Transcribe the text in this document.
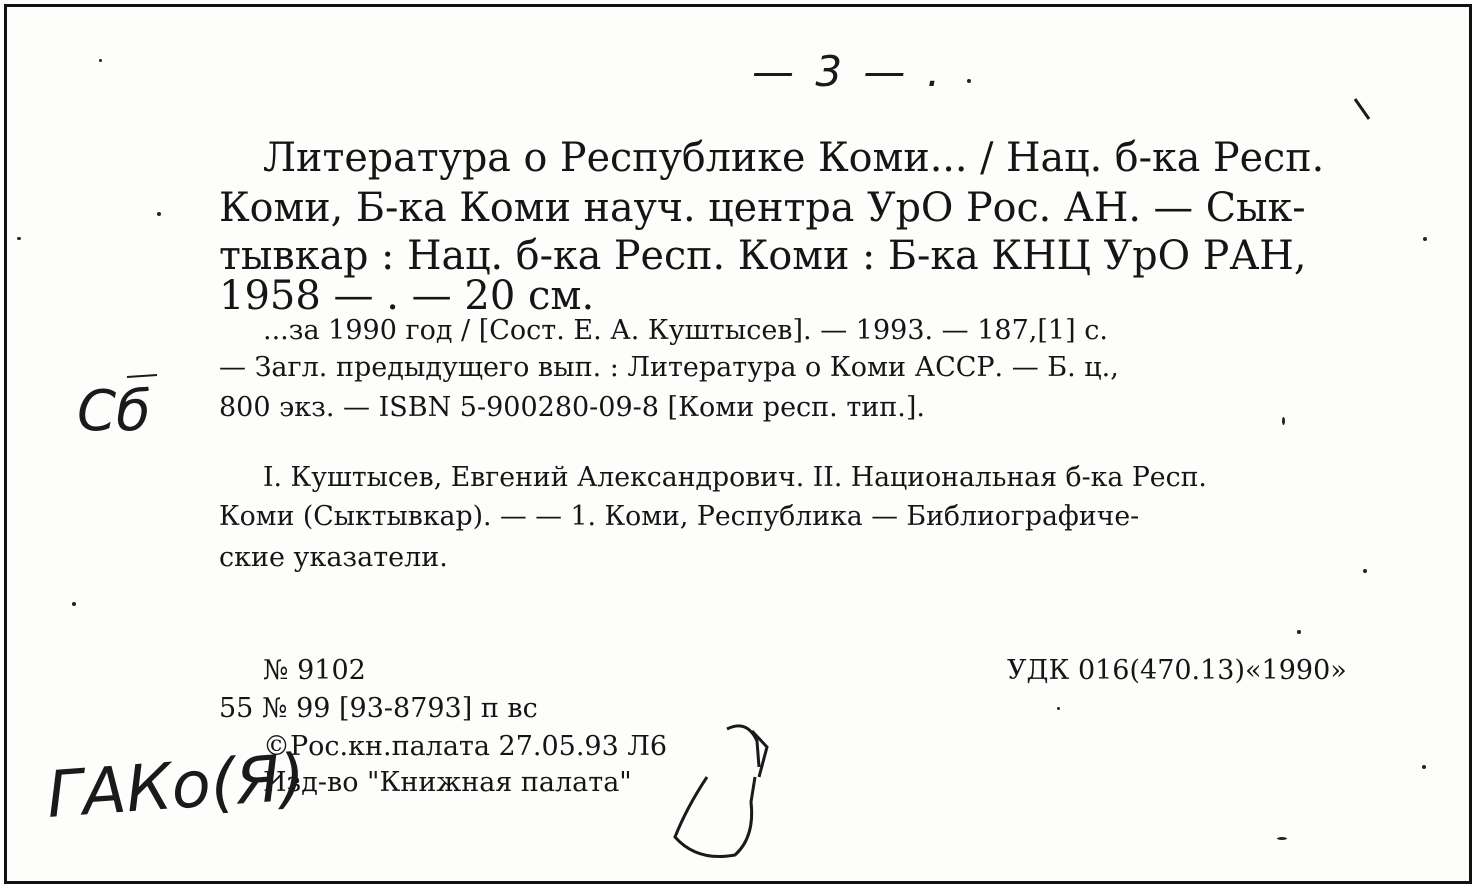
— 3 — .
Литература о Республике Коми... / Нац. б-ка Респ.
Коми, Б-ка Коми науч. центра УрО Рос. АН. — Сык-
тывкар : Нац. б-ка Респ. Коми : Б-ка КНЦ УрО РАН,
1958 — . — 20 см.
...за 1990 год / [Сост. Е. А. Куштысев]. — 1993. — 187,[1] с.
— Загл. предыдущего вып. : Литература о Коми АССР. — Б. ц.,
800 экз. — ISBN 5-900280-09-8 [Коми респ. тип.].
I. Куштысев, Евгений Александрович. II. Национальная б-ка Респ.
Коми (Сыктывкар). — — 1. Коми, Республика — Библиографиче-
ские указатели.
№ 9102
55 № 99 [93-8793] п вс
©Рос.кн.палата 27.05.93 Л6
Изд-во "Книжная палата"
УДК 016(470.13)«1990»
Сб
ГАКо(Я)
